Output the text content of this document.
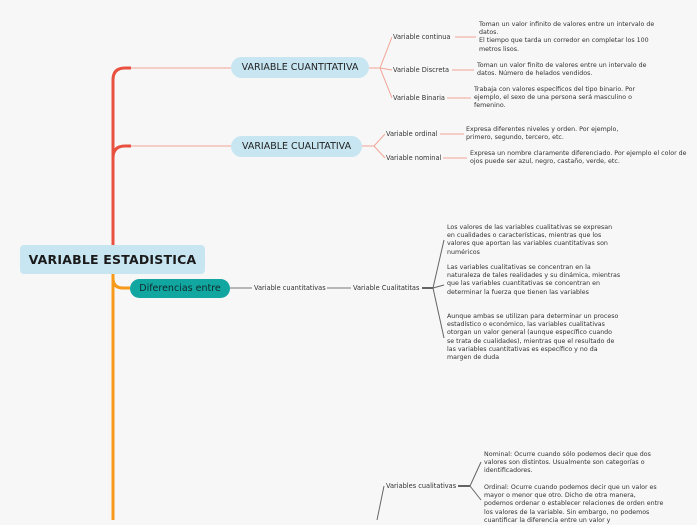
VARIABLE ESTADISTICA
VARIABLE CUANTITATIVA
Variable continua
Toman un valor infinito de valores entre un intervalo de datos.
El tiempo que tarda un corredor en completar los 100 metros lisos.
Variable Discreta
Toman un valor finito de valores entre un intervalo de datos. Número de helados vendidos.
Variable Binaria
Trabaja con valores específicos del tipo binario. Por ejemplo, el sexo de una persona será masculino o femenino.
VARIABLE CUALITATIVA
Variable ordinal
Expresa diferentes niveles y orden. Por ejemplo, primero, segundo, tercero, etc.
Variable nominal
Expresa un nombre claramente diferenciado. Por ejemplo el color de ojos puede ser azul, negro, castaño, verde, etc.
Diferencias entre	Variable cuantitativas	Variable Cualitatitas
Los valores de las variables cualitativas se expresan en cualidades o características, mientras que los valores que aportan las variables cuantitativas son numéricos
Las variables cualitativas se concentran en la naturaleza de tales realidades y su dinámica, mientras que las variables cuantitativas se concentran en determinar la fuerza que tienen las variables
Aunque ambas se utilizan para determinar un proceso estadístico o económico, las variables cualitativas otorgan un valor general (aunque específico cuando se trata de cualidades), mientras que el resultado de las variables cuantitativas es específico y no da margen de duda
Variables cualitativas
Nominal: Ocurre cuando sólo podemos decir que dos valores son distintos. Usualmente son categorías o identificadores.
Ordinal: Ocurre cuando podemos decir que un valor es mayor o menor que otro. Dicho de otra manera, podemos ordenar o establecer relaciones de orden entre los valores de la variable. Sin embargo, no podemos cuantificar la diferencia entre un valor y
